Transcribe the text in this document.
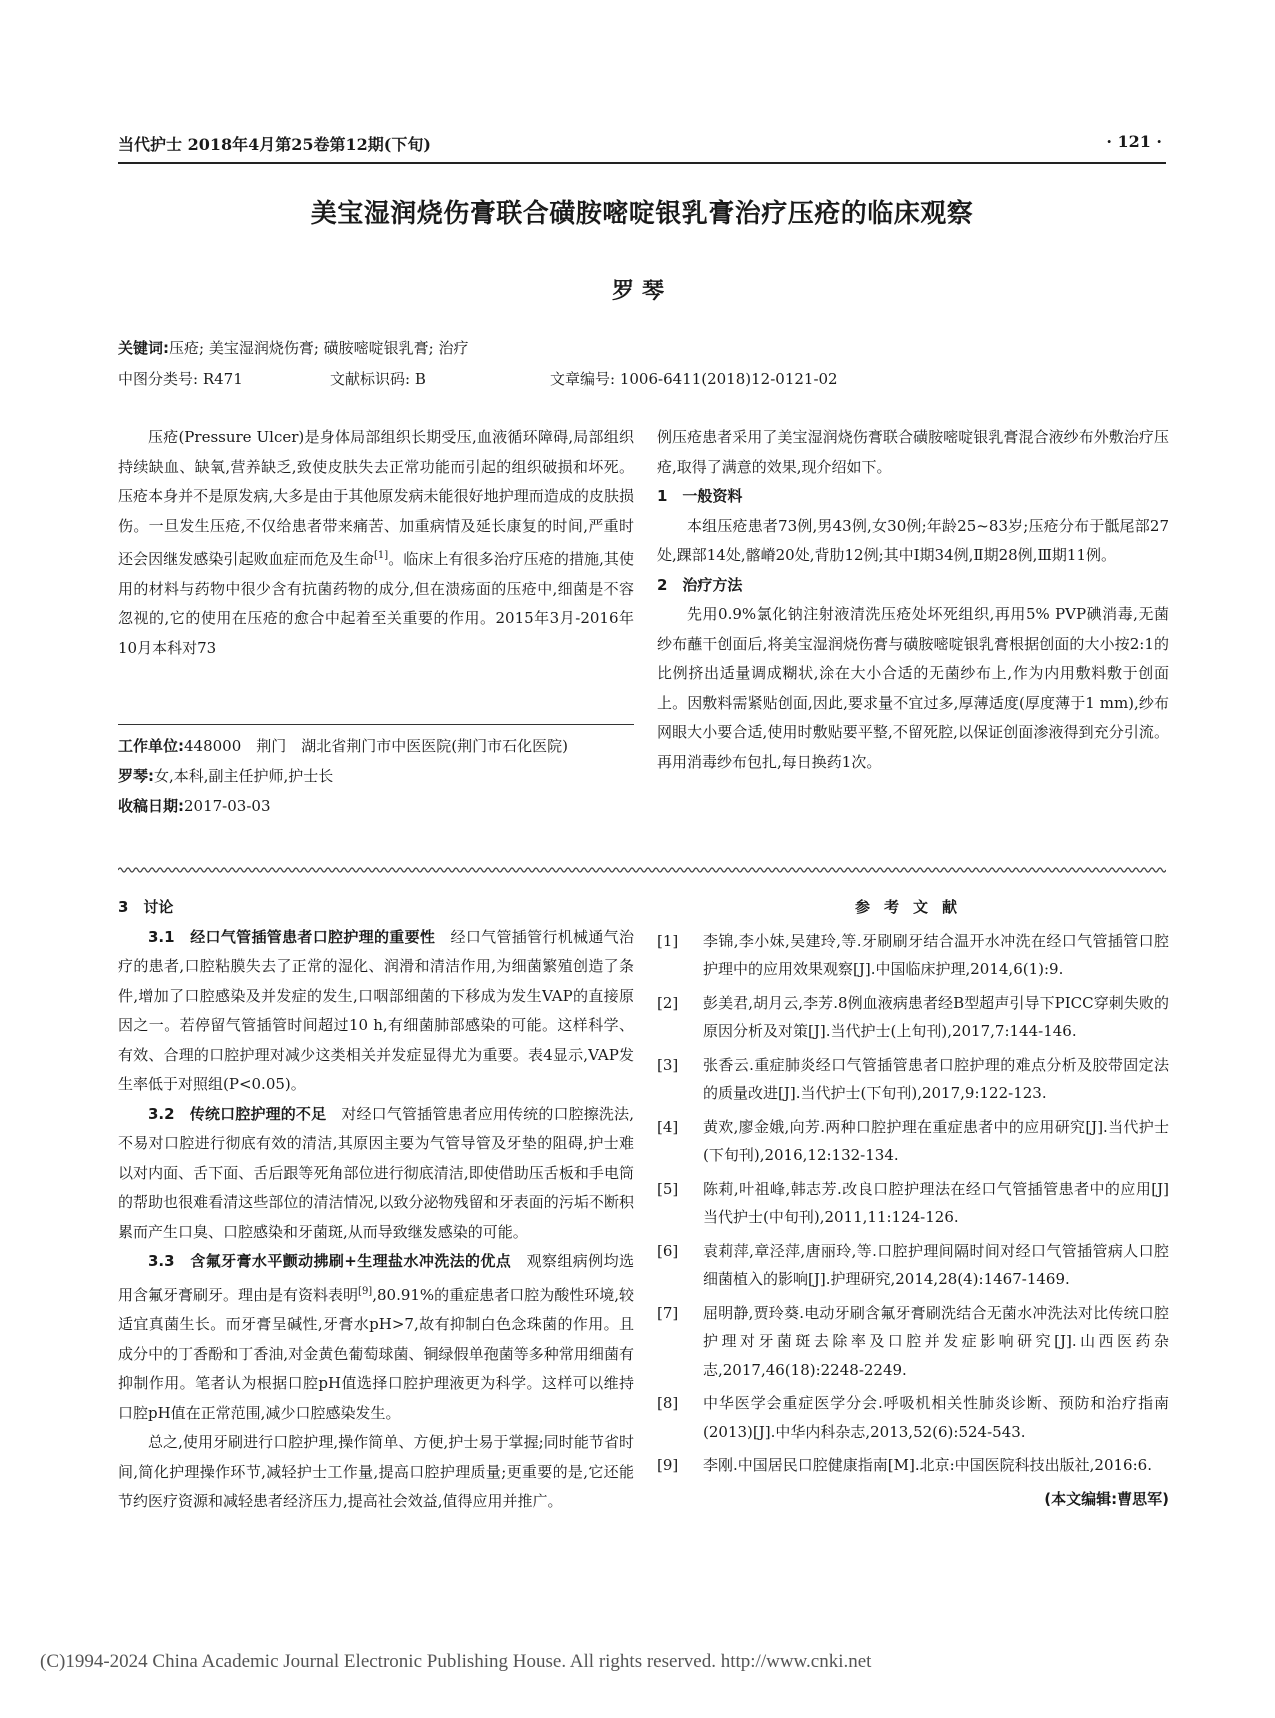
当代护士 2018年4月第25卷第12期(下旬)	· 121 ·
美宝湿润烧伤膏联合磺胺嘧啶银乳膏治疗压疮的临床观察
罗琴
关键词:压疮; 美宝湿润烧伤膏; 磺胺嘧啶银乳膏; 治疗
中图分类号: R471	文献标识码: B	文章编号: 1006-6411(2018)12-0121-02

压疮(Pressure Ulcer)是身体局部组织长期受压,血液循环障碍,局部组织持续缺血、缺氧,营养缺乏,致使皮肤失去正常功能而引起的组织破损和坏死。压疮本身并不是原发病,大多是由于其他原发病未能很好地护理而造成的皮肤损伤。一旦发生压疮,不仅给患者带来痛苦、加重病情及延长康复的时间,严重时还会因继发感染引起败血症而危及生命[1]。临床上有很多治疗压疮的措施,其使用的材料与药物中很少含有抗菌药物的成分,但在溃疡面的压疮中,细菌是不容忽视的,它的使用在压疮的愈合中起着至关重要的作用。2015年3月-2016年10月本科对73

工作单位:448000　荆门　湖北省荆门市中医医院(荆门市石化医院)
罗琴:女,本科,副主任护师,护士长
收稿日期:2017-03-03

例压疮患者采用了美宝湿润烧伤膏联合磺胺嘧啶银乳膏混合液纱布外敷治疗压疮,取得了满意的效果,现介绍如下。

1　一般资料

本组压疮患者73例,男43例,女30例;年龄25~83岁;压疮分布于骶尾部27处,踝部14处,髂嵴20处,背肋12例;其中Ⅰ期34例,Ⅱ期28例,Ⅲ期11例。

2　治疗方法

先用0.9%氯化钠注射液清洗压疮处坏死组织,再用5% PVP碘消毒,无菌纱布蘸干创面后,将美宝湿润烧伤膏与磺胺嘧啶银乳膏根据创面的大小按2:1的比例挤出适量调成糊状,涂在大小合适的无菌纱布上,作为内用敷料敷于创面上。因敷料需紧贴创面,因此,要求量不宜过多,厚薄适度(厚度薄于1 mm),纱布网眼大小要合适,使用时敷贴要平整,不留死腔,以保证创面渗液得到充分引流。再用消毒纱布包扎,每日换药1次。

3　讨论

3.1　经口气管插管患者口腔护理的重要性　 经口气管插管行机械通气治疗的患者,口腔粘膜失去了正常的湿化、润滑和清洁作用,为细菌繁殖创造了条件,增加了口腔感染及并发症的发生,口咽部细菌的下移成为发生VAP的直接原因之一。若停留气管插管时间超过10 h,有细菌肺部感染的可能。这样科学、有效、合理的口腔护理对减少这类相关并发症显得尤为重要。表4显示,VAP发生率低于对照组(P<0.05)。

3.2　传统口腔护理的不足　 对经口气管插管患者应用传统的口腔擦洗法,不易对口腔进行彻底有效的清洁,其原因主要为气管导管及牙垫的阻碍,护士难以对内面、舌下面、舌后跟等死角部位进行彻底清洁,即使借助压舌板和手电筒的帮助也很难看清这些部位的清洁情况,以致分泌物残留和牙表面的污垢不断积累而产生口臭、口腔感染和牙菌斑,从而导致继发感染的可能。

3.3　含氟牙膏水平颤动拂刷+生理盐水冲洗法的优点　 观察组病例均选用含氟牙膏刷牙。理由是有资料表明[9],80.91%的重症患者口腔为酸性环境,较适宜真菌生长。而牙膏呈碱性,牙膏水pH>7,故有抑制白色念珠菌的作用。且成分中的丁香酚和丁香油,对金黄色葡萄球菌、铜绿假单孢菌等多种常用细菌有抑制作用。笔者认为根据口腔pH值选择口腔护理液更为科学。这样可以维持口腔pH值在正常范围,减少口腔感染发生。

总之,使用牙刷进行口腔护理,操作简单、方便,护士易于掌握;同时能节省时间,简化护理操作环节,减轻护士工作量,提高口腔护理质量;更重要的是,它还能节约医疗资源和减轻患者经济压力,提高社会效益,值得应用并推广。

参考文献
[1]	李锦,李小妹,吴建玲,等.牙刷刷牙结合温开水冲洗在经口气管插管口腔护理中的应用效果观察[J].中国临床护理,2014,6(1):9.
[2]	彭美君,胡月云,李芳.8例血液病患者经B型超声引导下PICC穿刺失败的原因分析及对策[J].当代护士(上旬刊),2017,7:144-146.
[3]	张香云.重症肺炎经口气管插管患者口腔护理的难点分析及胶带固定法的质量改进[J].当代护士(下旬刊),2017,9:122-123.
[4]	黄欢,廖金娥,向芳.两种口腔护理在重症患者中的应用研究[J].当代护士(下旬刊),2016,12:132-134.
[5]	陈莉,叶祖峰,韩志芳.改良口腔护理法在经口气管插管患者中的应用[J]当代护士(中旬刊),2011,11:124-126.
[6]	袁莉萍,章泾萍,唐丽玲,等.口腔护理间隔时间对经口气管插管病人口腔细菌植入的影响[J].护理研究,2014,28(4):1467-1469.
[7]	屈明静,贾玲葵.电动牙刷含氟牙膏刷洗结合无菌水冲洗法对比传统口腔护理对牙菌斑去除率及口腔并发症影响研究[J].山西医药杂志,2017,46(18):2248-2249.
[8]	中华医学会重症医学分会.呼吸机相关性肺炎诊断、预防和治疗指南(2013)[J].中华内科杂志,2013,52(6):524-543.
[9]	李刚.中国居民口腔健康指南[M].北京:中国医院科技出版社,2016:6.
(本文编辑:曹思军)
(C)1994-2024 China Academic Journal Electronic Publishing House. All rights reserved. http://www.cnki.net
